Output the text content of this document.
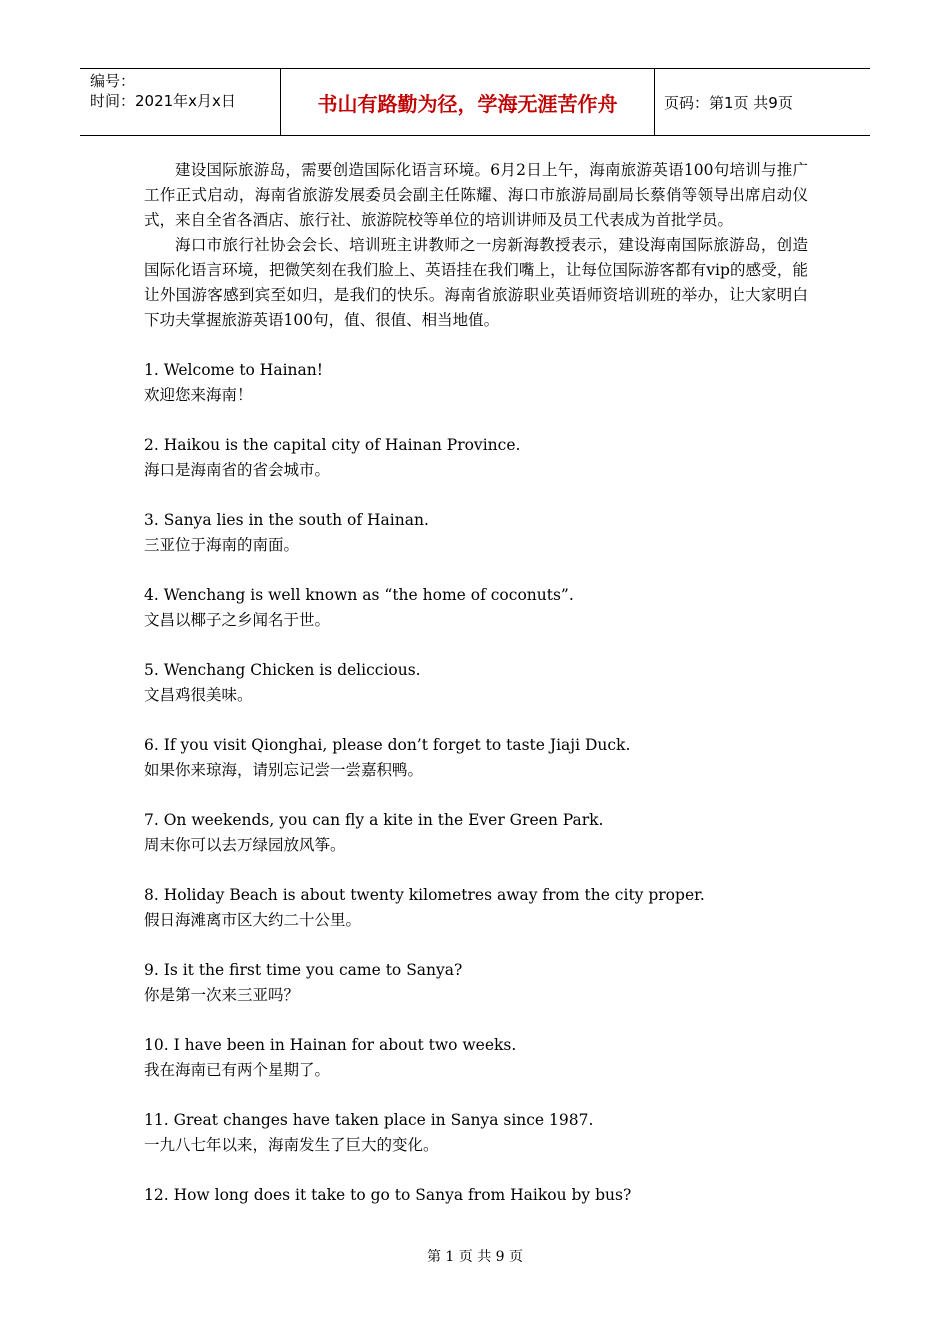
编号：
时间：2021年x月x日	书山有路勤为径，学海无涯苦作舟	页码：第1页 共9页

建设国际旅游岛，需要创造国际化语言环境。6月2日上午，海南旅游英语100句培训与推广工作正式启动，海南省旅游发展委员会副主任陈耀、海口市旅游局副局长蔡俏等领导出席启动仪式，来自全省各酒店、旅行社、旅游院校等单位的培训讲师及员工代表成为首批学员。

海口市旅行社协会会长、培训班主讲教师之一房新海教授表示，建设海南国际旅游岛，创造国际化语言环境，把微笑刻在我们脸上、英语挂在我们嘴上，让每位国际游客都有vip的感受，能让外国游客感到宾至如归，是我们的快乐。海南省旅游职业英语师资培训班的举办，让大家明白下功夫掌握旅游英语100句，值、很值、相当地值。

1. Welcome to Hainan!

欢迎您来海南！

2. Haikou is the capital city of Hainan Province.

海口是海南省的省会城市。

3. Sanya lies in the south of Hainan.

三亚位于海南的南面。

4. Wenchang is well known as “the home of coconuts”.

文昌以椰子之乡闻名于世。

5. Wenchang Chicken is deliccious.

文昌鸡很美味。

6. If you visit Qionghai, please don’t forget to taste Jiaji Duck.

如果你来琼海，请别忘记尝一尝嘉积鸭。

7. On weekends, you can fly a kite in the Ever Green Park.

周末你可以去万绿园放风筝。

8. Holiday Beach is about twenty kilometres away from the city proper.

假日海滩离市区大约二十公里。

9. Is it the first time you came to Sanya?

你是第一次来三亚吗？

10. I have been in Hainan for about two weeks.

我在海南已有两个星期了。

11. Great changes have taken place in Sanya since 1987.

一九八七年以来，海南发生了巨大的变化。

12. How long does it take to go to Sanya from Haikou by bus?

第 1 页 共 9 页
